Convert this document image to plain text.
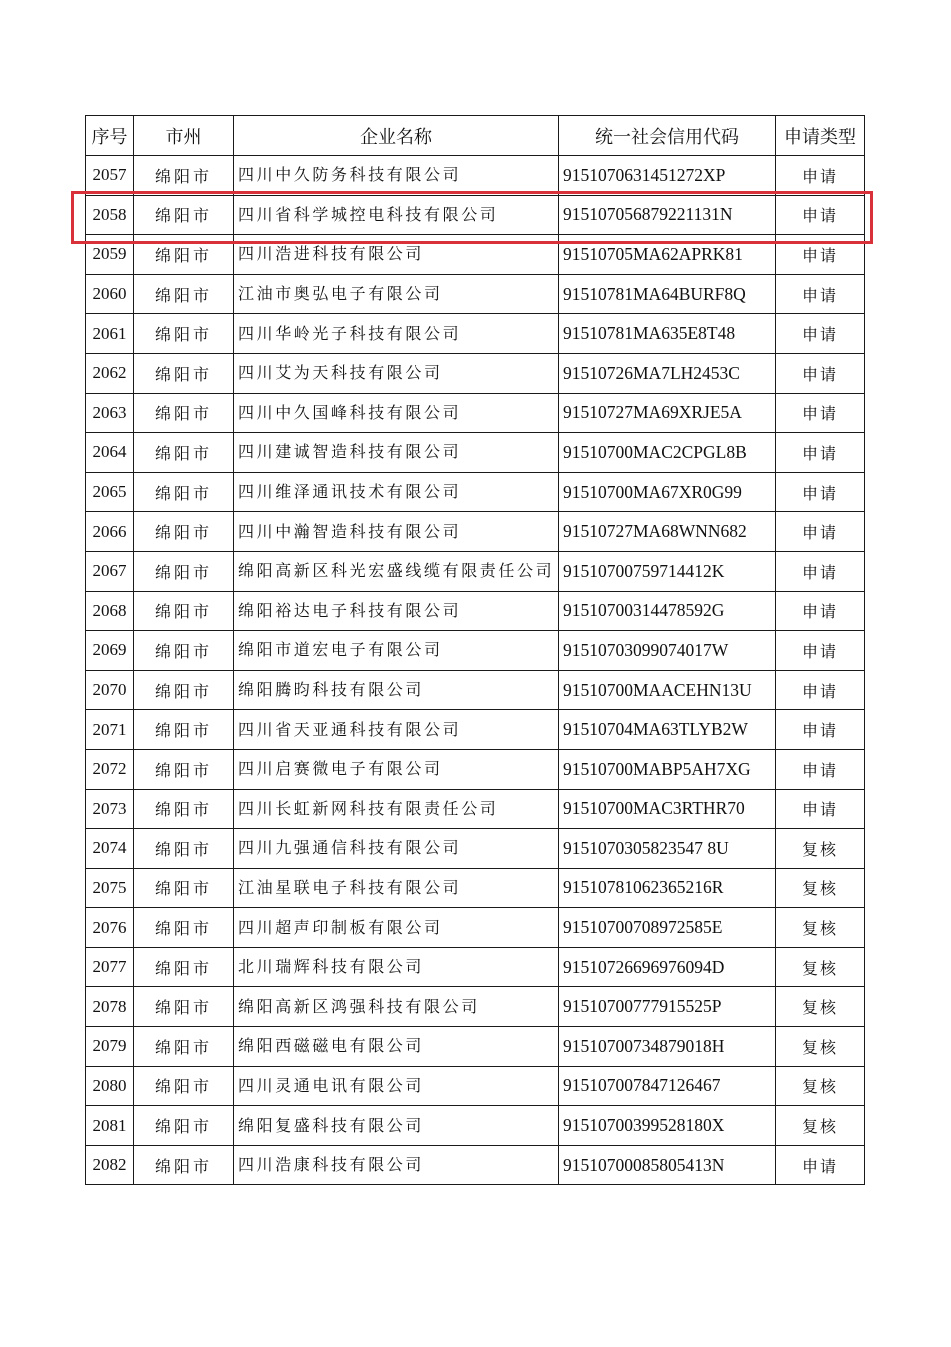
序号	市州	企业名称	统一社会信用代码	申请类型
2057	绵阳市	四川中久防务科技有限公司	9151070631451272XP	申请
2058	绵阳市	四川省科学城控电科技有限公司	915107056879221131N	申请
2059	绵阳市	四川浩进科技有限公司	91510705MA62APRK81	申请
2060	绵阳市	江油市奥弘电子有限公司	91510781MA64BURF8Q	申请
2061	绵阳市	四川华岭光子科技有限公司	91510781MA635E8T48	申请
2062	绵阳市	四川艾为天科技有限公司	91510726MA7LH2453C	申请
2063	绵阳市	四川中久国峰科技有限公司	91510727MA69XRJE5A	申请
2064	绵阳市	四川建诚智造科技有限公司	91510700MAC2CPGL8B	申请
2065	绵阳市	四川维泽通讯技术有限公司	91510700MA67XR0G99	申请
2066	绵阳市	四川中瀚智造科技有限公司	91510727MA68WNN682	申请
2067	绵阳市	绵阳高新区科光宏盛线缆有限责任公司	91510700759714412K	申请
2068	绵阳市	绵阳裕达电子科技有限公司	91510700314478592G	申请
2069	绵阳市	绵阳市道宏电子有限公司	91510703099074017W	申请
2070	绵阳市	绵阳腾昀科技有限公司	91510700MAACEHN13U	申请
2071	绵阳市	四川省天亚通科技有限公司	91510704MA63TLYB2W	申请
2072	绵阳市	四川启赛微电子有限公司	91510700MABP5AH7XG	申请
2073	绵阳市	四川长虹新网科技有限责任公司	91510700MAC3RTHR70	申请
2074	绵阳市	四川九强通信科技有限公司	9151070305823547 8U	复核
2075	绵阳市	江油星联电子科技有限公司	91510781062365216R	复核
2076	绵阳市	四川超声印制板有限公司	91510700708972585E	复核
2077	绵阳市	北川瑞辉科技有限公司	91510726696976094D	复核
2078	绵阳市	绵阳高新区鸿强科技有限公司	91510700777915525P	复核
2079	绵阳市	绵阳西磁磁电有限公司	91510700734879018H	复核
2080	绵阳市	四川灵通电讯有限公司	915107007847126467	复核
2081	绵阳市	绵阳复盛科技有限公司	91510700399528180X	复核
2082	绵阳市	四川浩康科技有限公司	91510700085805413N	申请
